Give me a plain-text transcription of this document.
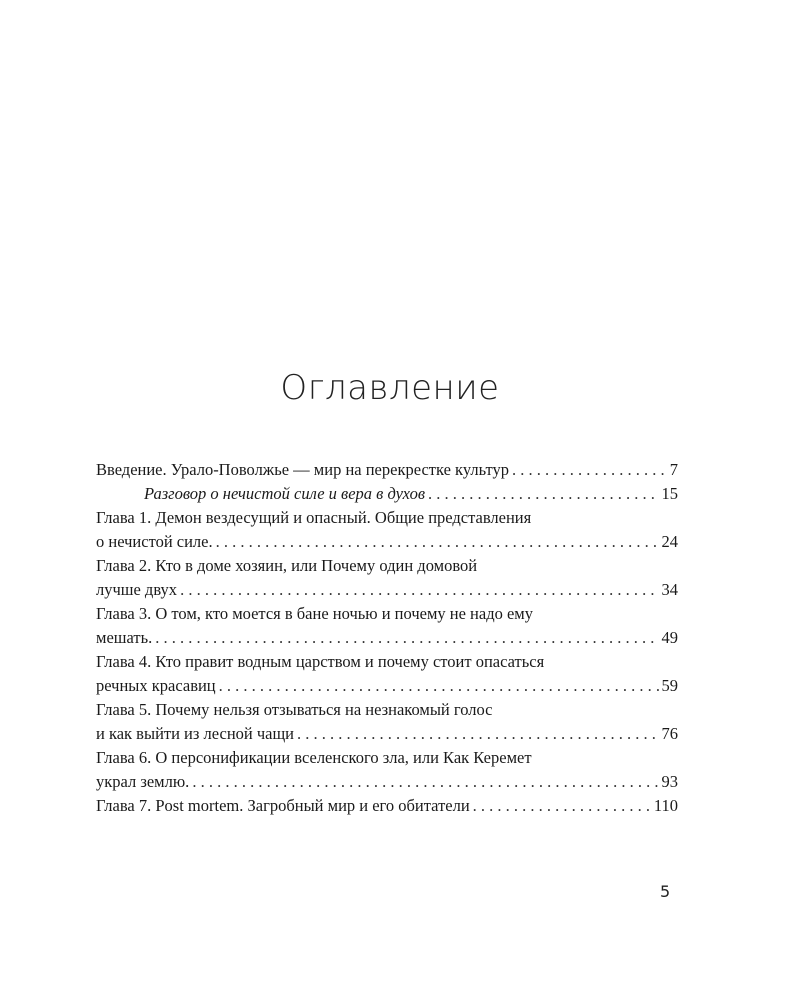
Оглавление
Введение. Урало-Поволжье — мир на перекрестке культур . . .	7
Разговор о нечистой силе и вера в духов . . .	15
Глава 1. Демон вездесущий и опасный. Общие представления
о нечистой силе. . . .	24
Глава 2. Кто в доме хозяин, или Почему один домовой
лучше двух . . .	34
Глава 3. О том, кто моется в бане ночью и почему не надо ему
мешать. . . .	49
Глава 4. Кто правит водным царством и почему стоит опасаться
речных красавиц . . .	59
Глава 5. Почему нельзя отзываться на незнакомый голос
и как выйти из лесной чащи . . .	76
Глава 6. О персонификации вселенского зла, или Как Керемет
украл землю. . . .	93
Глава 7. Post mortem. Загробный мир и его обитатели . . .	110
5
